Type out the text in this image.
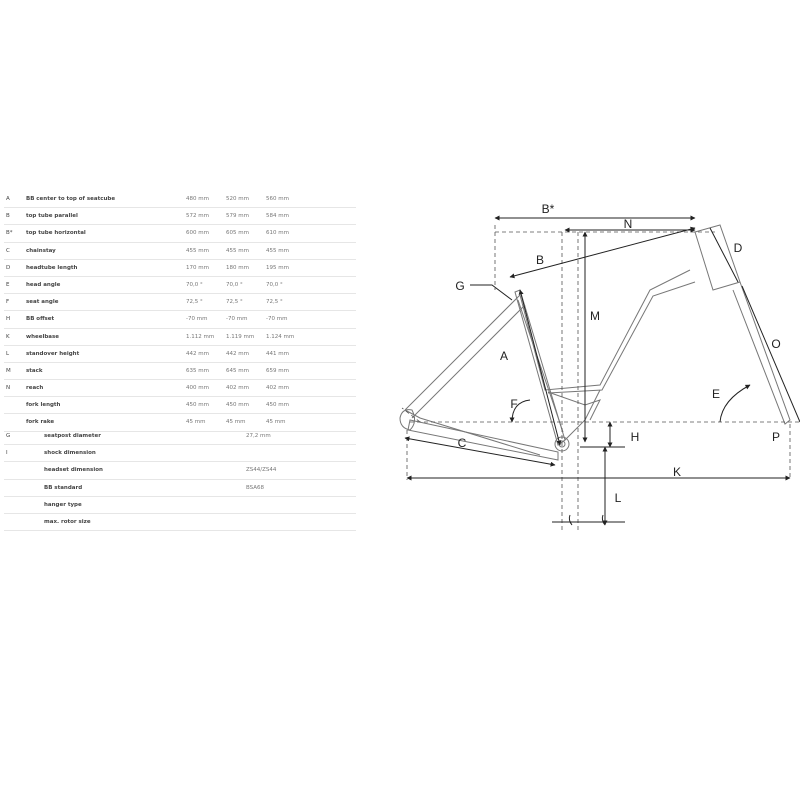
A	BB center to top of seatcube	480 mm	520 mm	560 mm
B	top tube parallel	572 mm	579 mm	584 mm
B* top tube horizontal	600 mm	605 mm	610 mm
C	chainstay	455 mm	455 mm	455 mm
D	headtube length	170 mm	180 mm	195 mm
E	head angle	70,0 °	70,0 °	70,0 °
F	seat angle	72,5 °	72,5 °	72,5 °
H	BB offset	-70 mm	-70 mm	-70 mm
K	wheelbase	1.112 mm 1.119 mm 1.124 mm
L	standover height	442 mm	442 mm	441 mm
M	stack	635 mm	645 mm	659 mm
N	reach	400 mm	402 mm	402 mm
fork length	450 mm	450 mm	450 mm
fork rake	45 mm	45 mm	45 mm
G	seatpost diameter	27,2 mm
I	shock dimension
headset dimension	ZS44/ZS44
BB standard	BSA68
hanger type
max. rotor size
B*
N
D
B
G
M
A
O
E
F
H	P
C
K
L
